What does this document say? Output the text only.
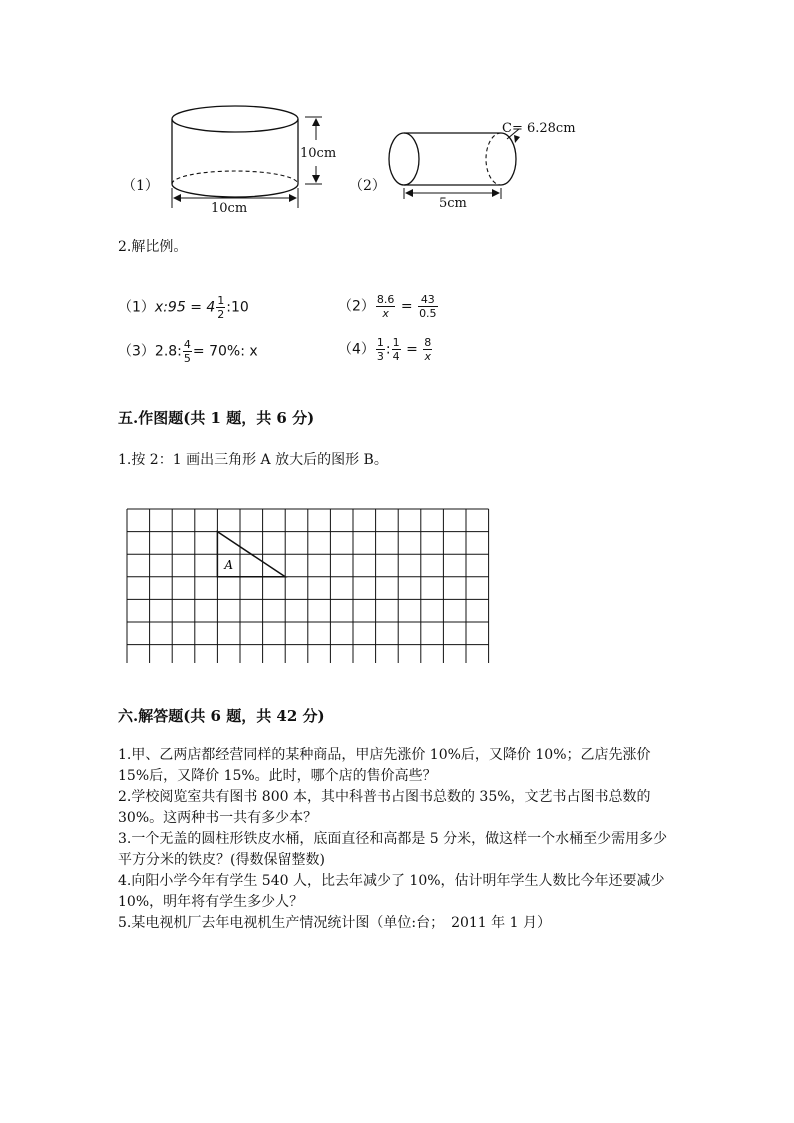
（1）
10cm
10cm
（2）
C= 6.28cm
5cm
2.解比例。
（1）x:95 = $4 \frac{1}{2}$ :10	$(2) \frac{8.6}{x} = \frac{43}{0.5}$
（3）2.8: $\frac{4}{5} = 70\%$: x	$(4) \frac{1}{3}$ : $\frac{1}{4} = \frac{8}{x}$
五.作图题(共 1 题，共 6 分)
1.按 2：1 画出三角形 A 放大后的图形 B。
A
六.解答题(共 6 题，共 42 分)
1.甲、乙两店都经营同样的某种商品，甲店先涨价 10%后，又降价 10%；乙店先涨价 15%后，又降价 15%。此时，哪个店的售价高些？
2.学校阅览室共有图书 800 本，其中科普书占图书总数的 35%，文艺书占图书总数的 30%。这两种书一共有多少本？
3.一个无盖的圆柱形铁皮水桶，底面直径和高都是 5 分米，做这样一个水桶至少需用多少平方分米的铁皮？(得数保留整数)
4.向阳小学今年有学生 540 人，比去年减少了 10%，估计明年学生人数比今年还要减少 10%，明年将有学生多少人？
5.某电视机厂去年电视机生产情况统计图（单位:台；　2011 年 1 月）
